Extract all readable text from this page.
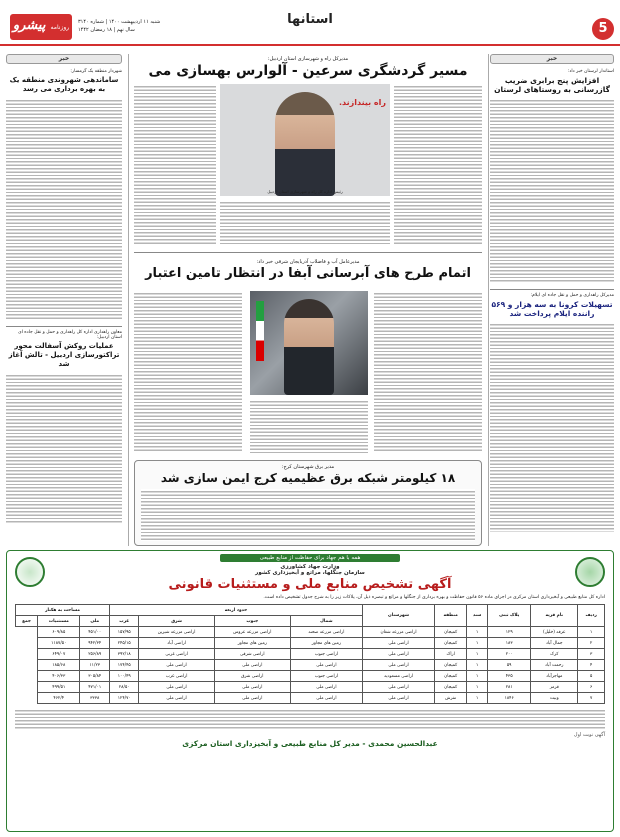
5
استانها
روزنامه پیشرو	شنبه ۱۱ اردیبهشت ۱۴۰۰ | شماره ۳۱۴۰
سال نهم | ۱۸ رمضان ۱۴۴۲
خبر
استاندار لرستان خبر داد:
افزایش پنج برابری ضریب گازرسانی به روستاهای لرستان
مدیرکل راهداری و حمل و نقل جاده ای ایلام:
تسهیلات کرونا به سه هزار و ۵۶۹ راننده ایلام پرداخت شد
خبر
شهردار منطقه یک گرمسار:
ساماندهی شهروندی منطقه یک به بهره برداری می رسد
معاون راهداری اداره کل راهداری و حمل و نقل جاده ای استان اردبیل:
عملیات روکش آسفالت محور تراکتورسازی اردبیل - تالش آغاز شد
مدیرکل راه و شهرسازی استان اردبیل:
مسیر گردشگری سرعین - آلوارس بهسازی می
راه بیندازند.
رئیس اداره کل راه و شهرسازی استان اردبیل
مدیرعامل آب و فاضلاب آذربایجان شرقی خبر داد:
اتمام طرح های آبرسانی آبفا در انتظار تامین اعتبار
مدیر برق شهرستان کرج:
۱۸ کیلومتر شبکه برق عظیمیه کرج ایمن سازی شد
همه با هم جهاد برای حفاظت از منابع طبیعی
وزارت جهاد کشاورزی
سازمان جنگلها، مراتع و آبخیزداری کشور
آگهی تشخیص منابع ملی و مستثنیات قانونی
اداره کل منابع طبیعی و آبخیزداری استان مرکزی در اجرای ماده ۵۶ قانون حفاظت و بهره برداری از جنگلها و مراتع و تبصره ذیل آن، پلاکات زیر را به شرح جدول تشخیص داده است.
ردیف	نام قریه	پلاک ثبتی	سند	منطقه	شهرستان	حدود اربعه				مساحت به هکتار		
						شمال	جنوب	شرق	غرب	ملی	مستثنیات	جمع
۱	عرفه (خلیل)	۱۲۹	۱	کمیجان	اراضی مزرعه شغان	اراضی مزرعه صحنه	اراضی مزرعه عروس	اراضی مزرعه شیرین	۱۵۷/۹۵	۴۵۱/۰۰	۶۰۹/۸۵	
۲	جمال آباد	۱۸۳	۱	کمیجان	اراضی ملی	زمین های مجاور	زمین های مجاور	اراضی آباد	۲۴۵/۱۵	۹۴۲/۳۴	۱۱۸۷/۵۰	
۳	کرک	۲۰۰	۱	اراک	اراضی ملی	اراضی جنوب	اراضی شرقی	اراضی غربی	۳۹۲/۱۸	۲۵۶/۸۹	۶۴۹/۰۷	
۴	رحمت آباد	۵۹	۱	کمیجان	اراضی ملی	اراضی ملی	اراضی ملی	اراضی ملی	۱۷۴/۴۵	۱۱/۲۳	۱۸۵/۶۸	
۵	مهاجرآباد	۴۳۵	۱	کمیجان	اراضی مسعودیه	اراضی جنوب	اراضی شرق	اراضی غرب	۱۰۰/۴۹	۳۰۵/۸۴	۴۰۶/۳۳	
۶	قرمز	۲۸۱	۱	کمیجان	اراضی ملی	اراضی ملی	اراضی ملی	اراضی ملی	۲۸/۵۰	۴۷۱/۰۱	۴۹۹/۵۱	
۷	ونیت	۱۸۴۶	۱	تفرش	اراضی ملی	اراضی ملی	اراضی ملی	اراضی ملی	۱۲۴/۷۰	۳۳۳۸	۴۶۲/۴	
آگهی نوبت اول
عبدالحسین محمدی - مدیر کل منابع طبیعی و آبخیزداری استان مرکزی
